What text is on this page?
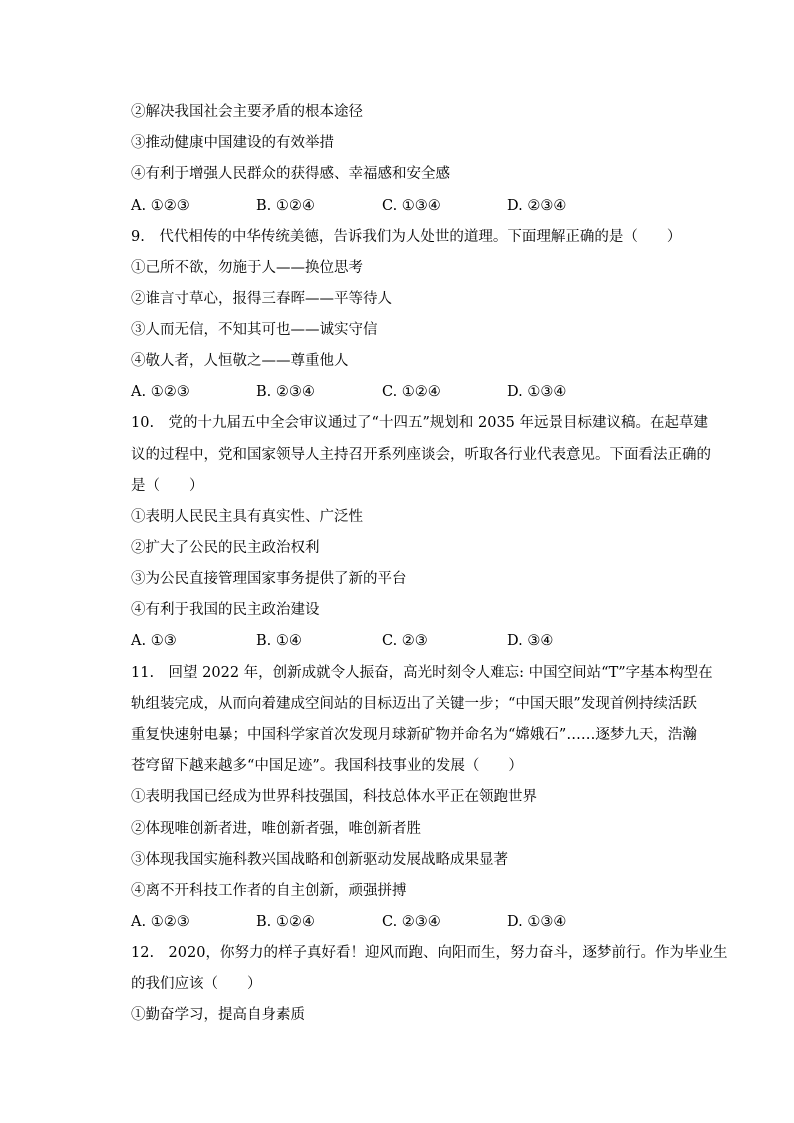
②解决我国社会主要矛盾的根本途径
③推动健康中国建设的有效举措
④有利于增强人民群众的获得感、幸福感和安全感
A. ①②③	B. ①②④	C. ①③④	D. ②③④
9.　代代相传的中华传统美德，告诉我们为人处世的道理。下面理解正确的是（　　）
①己所不欲，勿施于人——换位思考
②谁言寸草心，报得三春晖——平等待人
③人而无信，不知其可也——诚实守信
④敬人者，人恒敬之——尊重他人
A. ①②③	B. ②③④	C. ①②④	D. ①③④
10.　党的十九届五中全会审议通过了“十四五”规划和 2035 年远景目标建议稿。在起草建
议的过程中，党和国家领导人主持召开系列座谈会，听取各行业代表意见。下面看法正确的
是（　　）
①表明人民民主具有真实性、广泛性
②扩大了公民的民主政治权利
③为公民直接管理国家事务提供了新的平台
④有利于我国的民主政治建设
A. ①③	B. ①④	C. ②③	D. ③④
11.　回望 2022 年，创新成就令人振奋，高光时刻令人难忘: 中国空间站“T”字基本构型在
轨组装完成，从而向着建成空间站的目标迈出了关键一步；“中国天眼”发现首例持续活跃
重复快速射电暴；中国科学家首次发现月球新矿物并命名为“嫦娥石”……逐梦九天，浩瀚
苍穹留下越来越多“中国足迹”。我国科技事业的发展（　　）
①表明我国已经成为世界科技强国，科技总体水平正在领跑世界
②体现唯创新者进，唯创新者强，唯创新者胜
③体现我国实施科教兴国战略和创新驱动发展战略成果显著
④离不开科技工作者的自主创新，顽强拼搏
A. ①②③	B. ①②④	C. ②③④	D. ①③④
12.　2020，你努力的样子真好看！迎风而跑、向阳而生，努力奋斗，逐梦前行。作为毕业生
的我们应该（　　）
①勤奋学习，提高自身素质
